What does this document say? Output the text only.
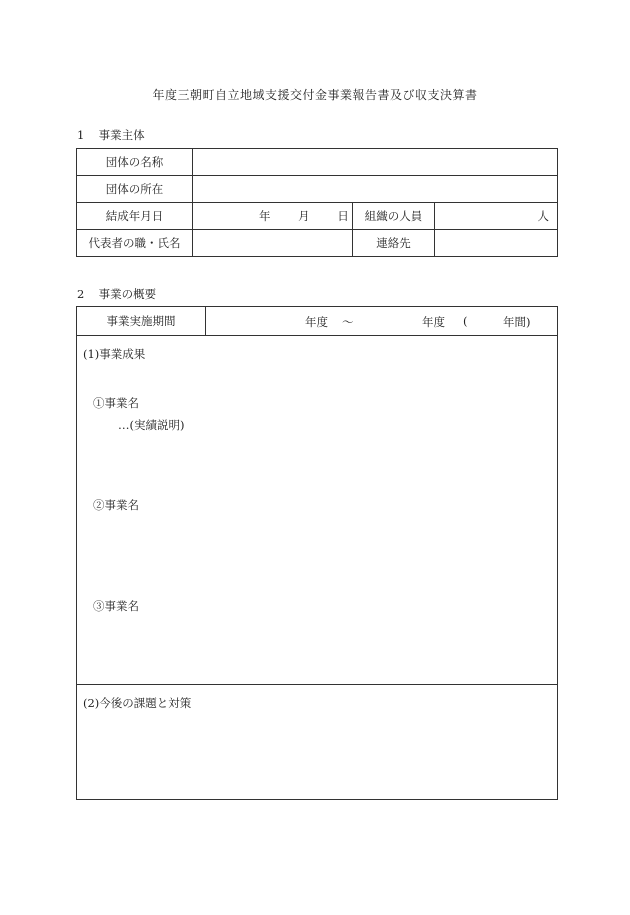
年度三朝町自立地域支援交付金事業報告書及び収支決算書
1 事業主体
団体の名称			
団体の所在			
結成年月日	年 月 日	組織の人員	人
代表者の職・氏名		連絡先	
2 事業の概要
事業実施期間	年度 〜	年度 (	年間)
(1)事業成果
①事業名
…(実績説明)
②事業名
③事業名
(2)今後の課題と対策
